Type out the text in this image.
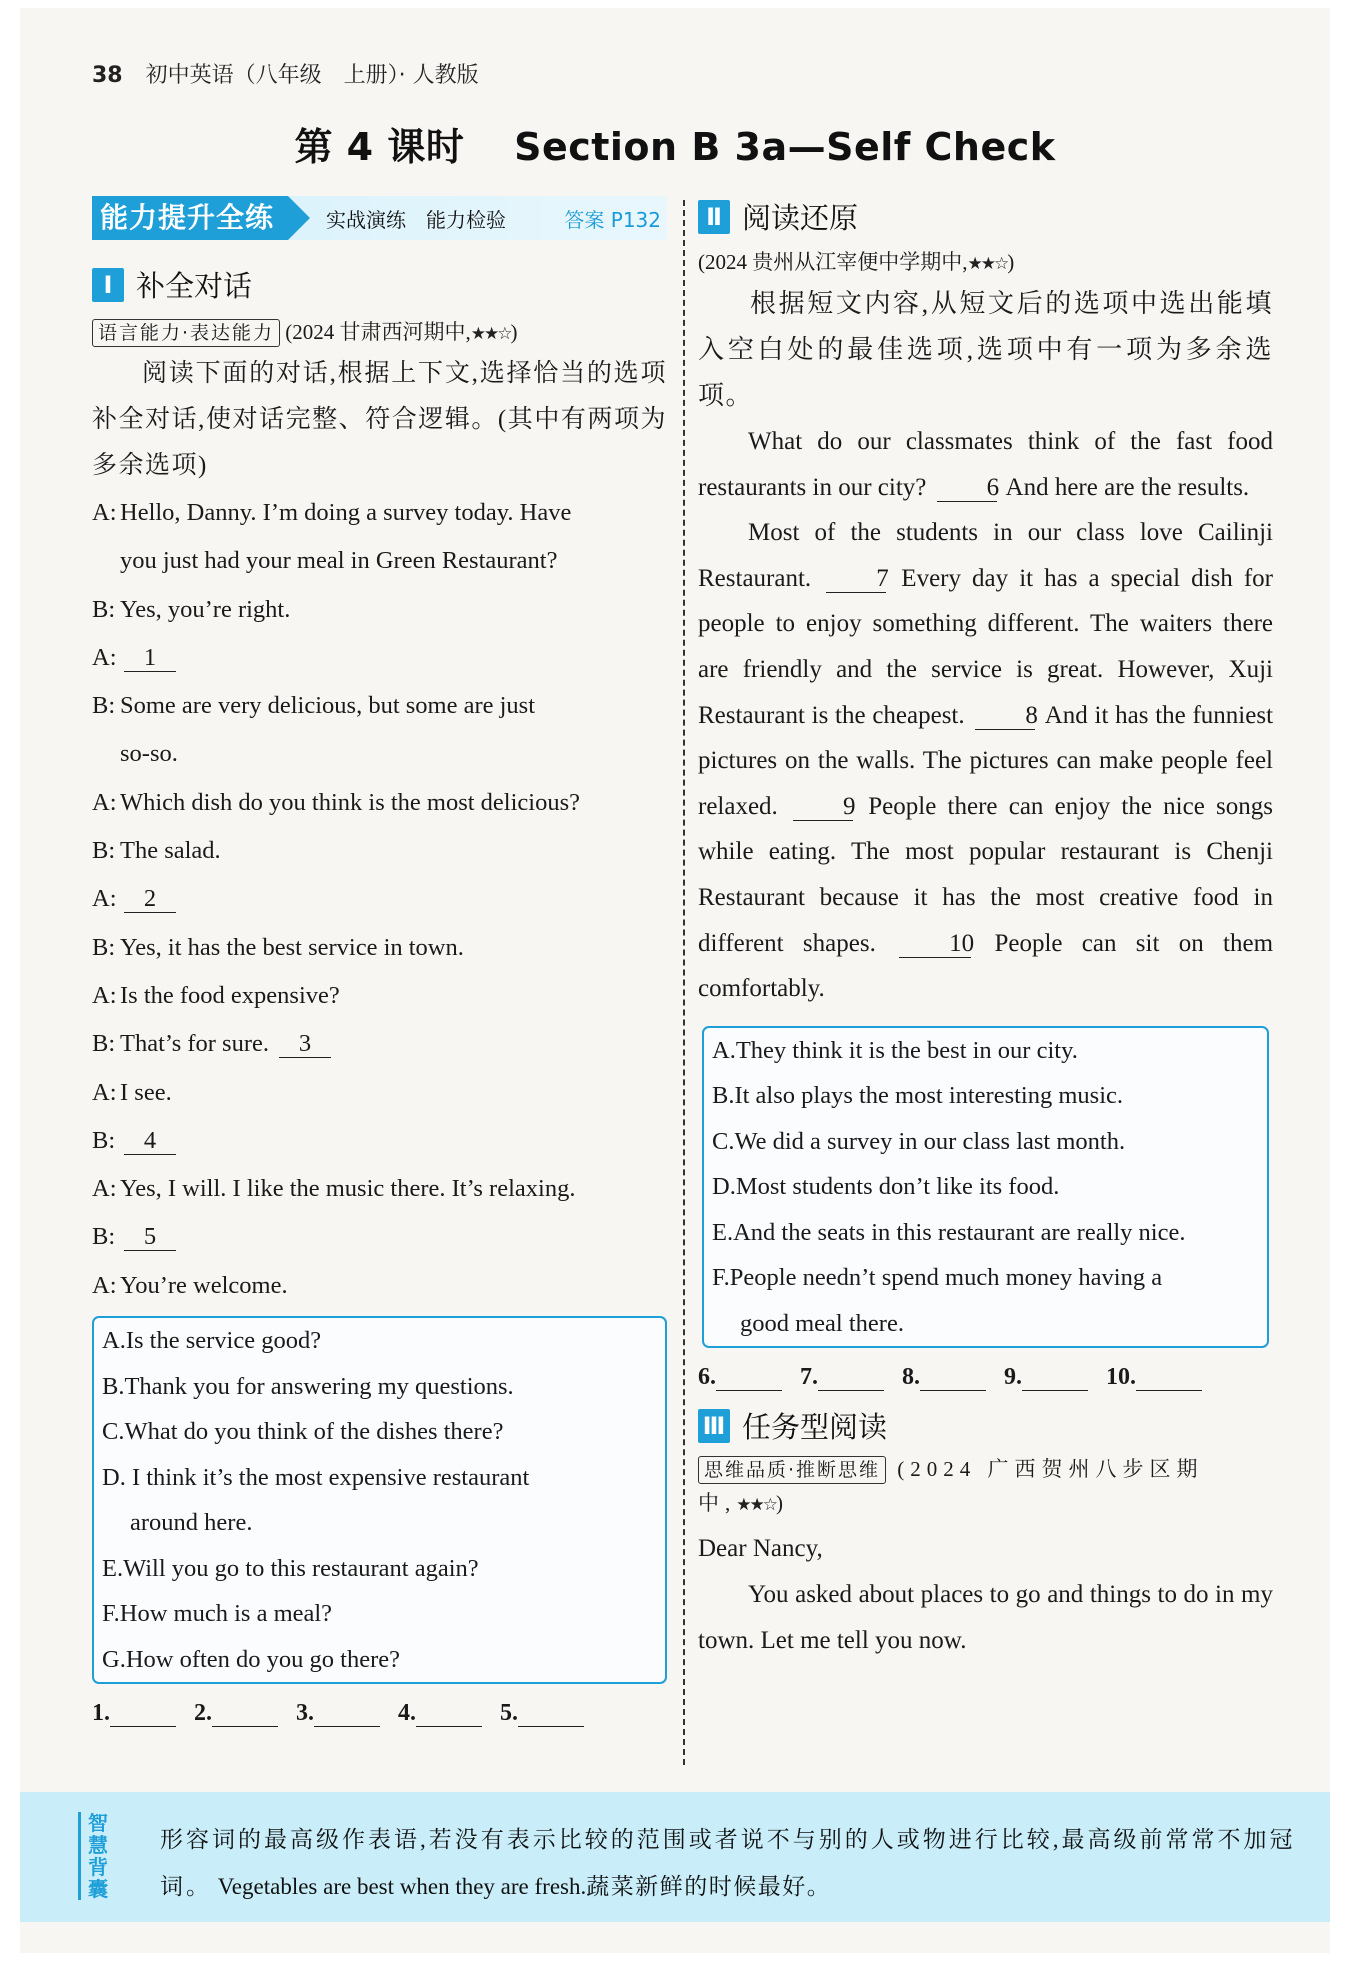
38 初中英语（八年级　上册）· 人教版
第 4 课时 Section B 3a—Self Check
能力提升全练	实战演练　能力检验	答案 P132
Ⅰ 补全对话
语言能力·表达能力 (2024 甘肃西河期中,★★☆)
阅读下面的对话,根据上下文,选择恰当的选项补全对话,使对话完整、符合逻辑。(其中有两项为多余选项)
A: Hello, Danny. I’m doing a survey today. Have
you just had your meal in Green Restaurant?
B: Yes, you’re right.
A:	1
B: Some are very delicious, but some are just
so-so.
A: Which dish do you think is the most delicious?
B: The salad.
A:	2
B: Yes, it has the best service in town.
A: Is the food expensive?
B: That’s for sure. 3
A: I see.
B:	4
A: Yes, I will. I like the music there. It’s relaxing.
B:	5
A: You’re welcome.
A.Is the service good?
B.Thank you for answering my questions.
C.What do you think of the dishes there?
D. I think it’s the most expensive restaurant
around here.
E.Will you go to this restaurant again?
F.How much is a meal?
G.How often do you go there?
1.	2.	3.	4.	5.
Ⅱ 阅读还原
(2024 贵州从江宰便中学期中,★★☆)
根据短文内容,从短文后的选项中选出能填入空白处的最佳选项,选项中有一项为多余选项。
What do our classmates think of the fast food restaurants in our city? 6 And here are the results.
Most of the students in our class love Cailinji Restaurant.	7 Every day it has a special dish for people to enjoy something different. The waiters there are friendly and the service is great. However, Xuji Restaurant is the cheapest. 8 And it has the funniest pictures on the walls. The pictures can make people feel relaxed.	9 People there can enjoy the nice songs while eating. The most popular restaurant is Chenji Restaurant because it has the most creative food in different shapes.	10 People can sit on them comfortably.
A.They think it is the best in our city.
B.It also plays the most interesting music.
C.We did a survey in our class last month.
D.Most students don’t like its food.
E.And the seats in this restaurant are really nice.
F.People needn’t spend much money having a
good meal there.
6.	7.	8.	9.	10.
Ⅲ 任务型阅读
思维品质·推断思维 (2024 广西贺州八步区期中,★★☆)
Dear Nancy,
You asked about places to go and things to do in my town. Let me tell you now.
智慧背囊
形容词的最高级作表语,若没有表示比较的范围或者说不与别的人或物进行比较,最高级前常常不加冠词。 Vegetables are best when they are fresh.蔬菜新鲜的时候最好。
